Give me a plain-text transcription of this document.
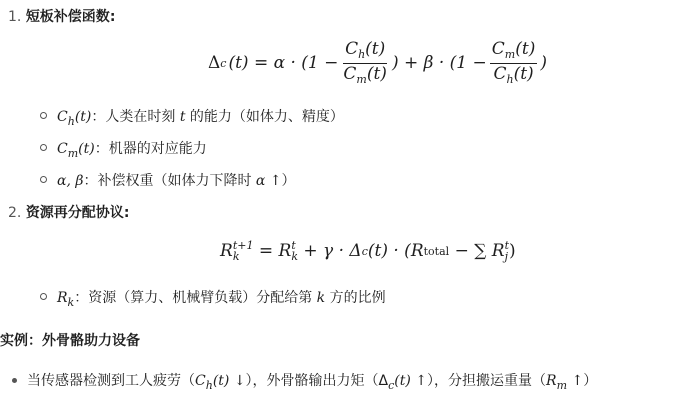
1. 短板补偿函数:
Δ c $(t) = \alpha \cdot (1 - \frac{C_h(t)}{C_m(t)}$ ) + $\beta \cdot (1 - \frac{C_m(t)}{C_h(t)}$ )
$C_h(t)$：人类在时刻 t 的能力（如体力、精度）
$C_m(t)$：机器的对应能力
α, β：补偿权重（如体力下降时 α ↑）
2. 资源再分配协议:
R t+1
k = R t
k + γ · Δ c (t) · (R total − ∑ R t
j )
$R_k$：资源（算力、机械臂负载）分配给第 k 方的比例
实例：外骨骼助力设备
当传感器检测到工人疲劳（$C_h(t)$ ↓），外骨骼输出力矩（$\Delta_c(t)$ ↑），分担搬运重量（$R_m$ ↑）
